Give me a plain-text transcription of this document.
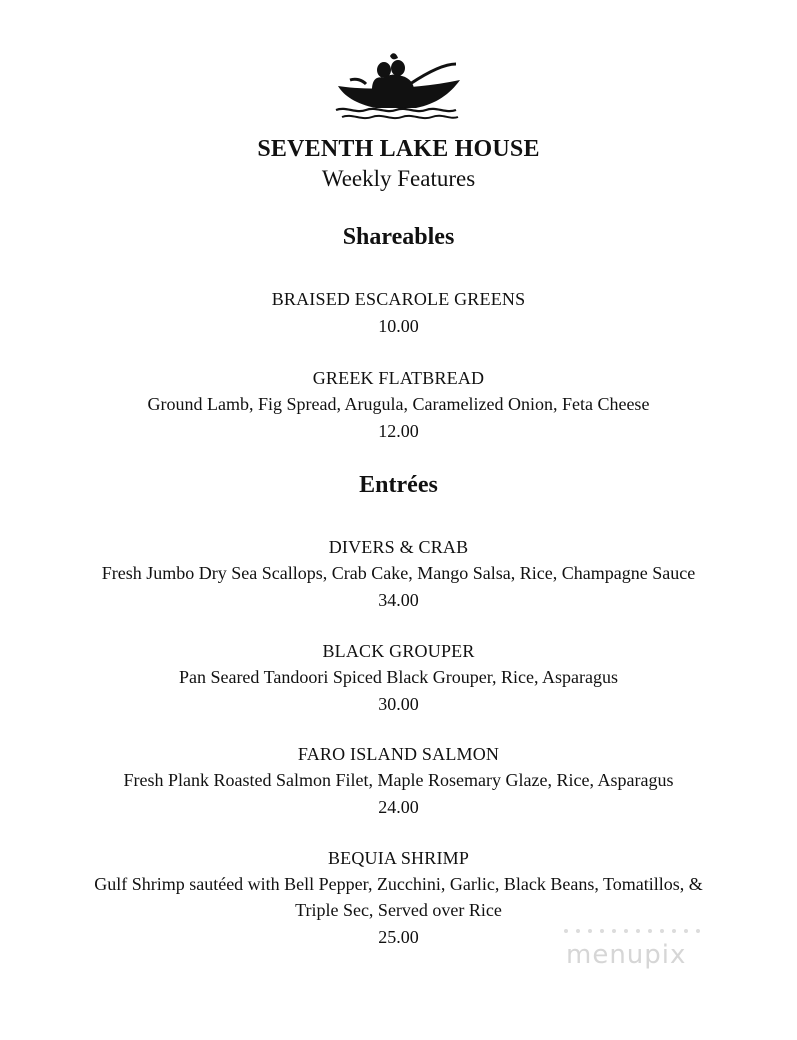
SEVENTH LAKE HOUSE
Weekly Features
Shareables
BRAISED ESCAROLE GREENS
10.00
GREEK FLATBREAD
Ground Lamb, Fig Spread, Arugula, Caramelized Onion, Feta Cheese
12.00
Entrées
DIVERS & CRAB
Fresh Jumbo Dry Sea Scallops, Crab Cake, Mango Salsa, Rice, Champagne Sauce
34.00
BLACK GROUPER
Pan Seared Tandoori Spiced Black Grouper, Rice, Asparagus
30.00
FARO ISLAND SALMON
Fresh Plank Roasted Salmon Filet, Maple Rosemary Glaze, Rice, Asparagus
24.00
BEQUIA SHRIMP
Gulf Shrimp sautéed with Bell Pepper, Zucchini, Garlic, Black Beans, Tomatillos, &
Triple Sec, Served over Rice
25.00
menupix
